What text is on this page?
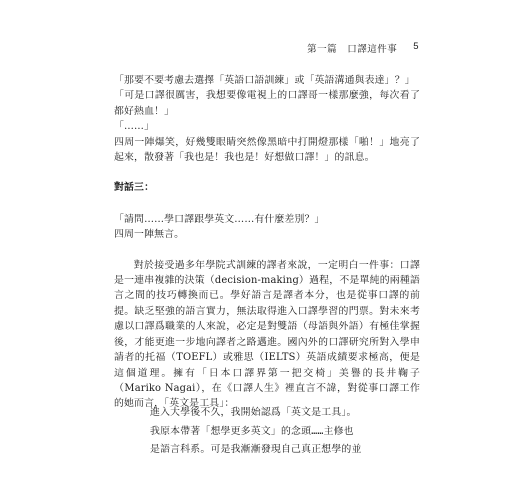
第一篇 口譯這件事 5

「那要不要考慮去選擇「英語口語訓練」或「英語溝通與表達」？」

「可是口譯很厲害，我想要像電視上的口譯哥一樣那麼強，每次看了都好熱血！」

「……」

四周一陣爆笑，好幾雙眼睛突然像黑暗中打開燈那樣「啪！」地亮了起來，散發著「我也是！我也是！好想做口譯！」的訊息。

對話三：

「請問……學口譯跟學英文……有什麼差別？」

四周一陣無言。

對於接受過多年學院式訓練的譯者來說，一定明白一件事：口譯是一連串複雜的決策（decision-making）過程，不是單純的兩種語言之間的技巧轉換而已。學好語言是譯者本分，也是從事口譯的前提。缺乏堅強的語言實力，無法取得進入口譯學習的門票。對未來考慮以口譯爲職業的人來說，必定是對雙語（母語與外語）有極佳掌握後，才能更進一步地向譯者之路邁進。國內外的口譯研究所對入學申請者的托福（TOEFL）或雅思（IELTS）英語成績要求極高，便是這個道理。擁有「日本口譯界第一把交椅」美譽的長井鞠子（Mariko Nagai），在《口譯人生》裡直言不諱，對從事口譯工作的她而言，「英文是工具」：

進入大學後不久，我開始認爲「英文是工具」。

我原本帶著「想學更多英文」的念頭……主修也

是語言科系。可是我漸漸發現自己真正想學的並
